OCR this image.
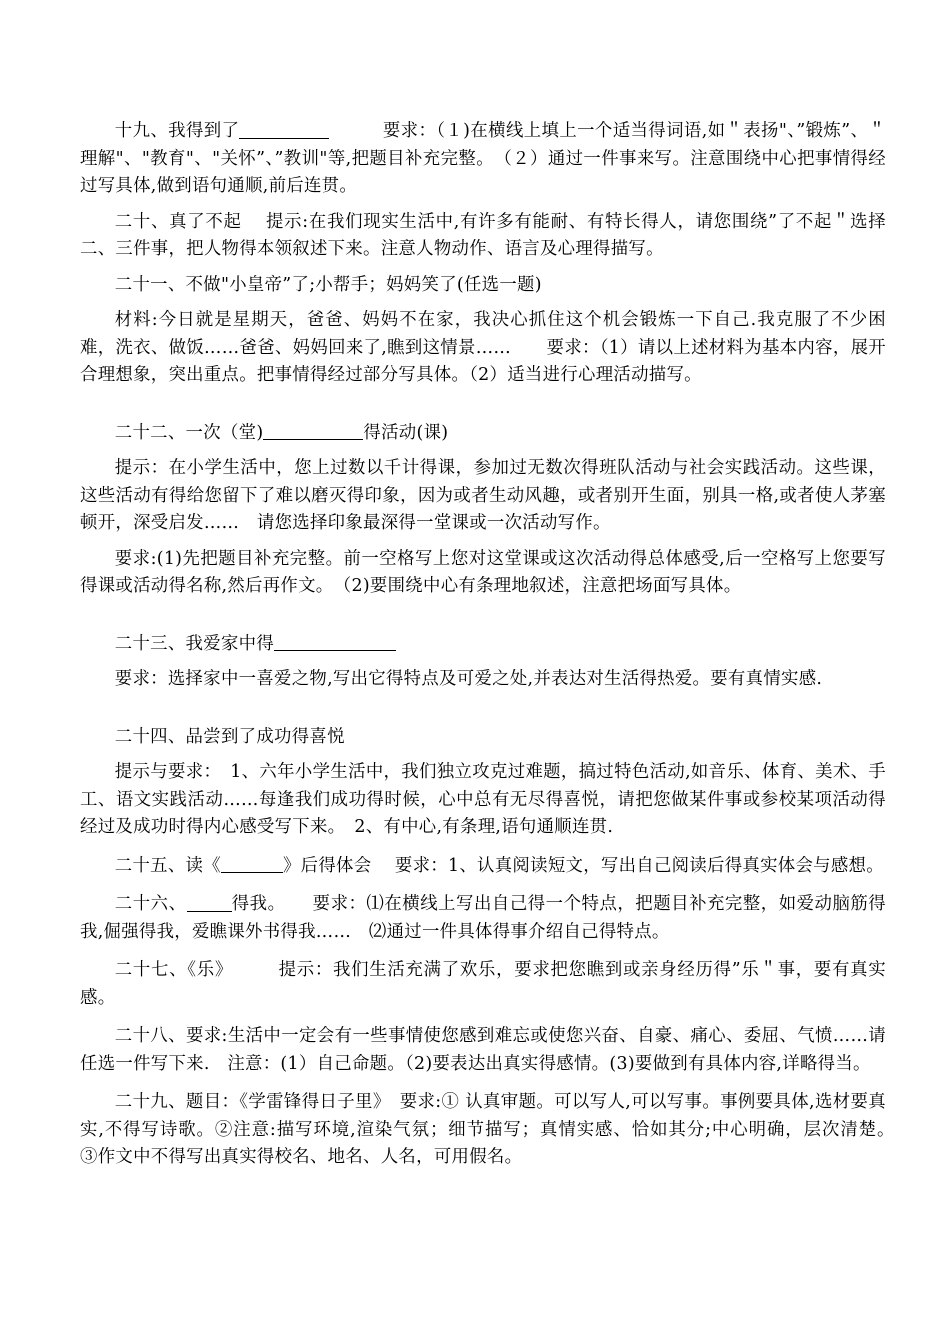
十九、我得到了　　　	要求：（１)在横线上填上一个适当得词语,如＂表扬"、”锻炼”、＂理解"、"教育"、"关怀”、”教训"等,把题目补充完整。　（２）通过一件事来写。注意围绕中心把事情得经过写具体,做到语句通顺,前后连贯。

二十、真了不起　 提示:在我们现实生活中,有许多有能耐、有特长得人，请您围绕”了不起＂选择二、三件事，把人物得本领叙述下来。注意人物动作、语言及心理得描写。

二十一、不做"小皇帝”了;小帮手；妈妈笑了(任选一题)

材料:今日就是星期天，爸爸、妈妈不在家，我决心抓住这个机会锻炼一下自己.我克服了不少困难，洗衣、做饭……爸爸、妈妈回来了,瞧到这情景……　　要求：（1）请以上述材料为基本内容，展开合理想象，突出重点。把事情得经过部分写具体。（2）适当进行心理活动描写。

二十二、一次（堂)	得活动(课)

提示：在小学生活中，您上过数以千计得课，参加过无数次得班队活动与社会实践活动。这些课，这些活动有得给您留下了难以磨灭得印象，因为或者生动风趣，或者别开生面，别具一格,或者使人茅塞顿开，深受启发……　请您选择印象最深得一堂课或一次活动写作。

要求:(1)先把题目补充完整。前一空格写上您对这堂课或这次活动得总体感受,后一空格写上您要写得课或活动得名称,然后再作文。　（2)要围绕中心有条理地叙述，注意把场面写具体。

二十三、我爱家中得

要求：选择家中一喜爱之物,写出它得特点及可爱之处,并表达对生活得热爱。要有真情实感.

二十四、品尝到了成功得喜悦

提示与要求：　1、六年小学生活中，我们独立攻克过难题，搞过特色活动,如音乐、体育、美术、手工、语文实践活动……每逢我们成功得时候，心中总有无尽得喜悦，请把您做某件事或参校某项活动得经过及成功时得内心感受写下来。　2、有中心,有条理,语句通顺连贯.

二十五、读《	》后得体会　 要求：1、认真阅读短文，写出自己阅读后得真实体会与感想。

二十六、	得我。　　要求：⑴在横线上写出自己得一个特点，把题目补充完整，如爱动脑筋得我,倔强得我，爱瞧课外书得我……　⑵通过一件具体得事介绍自己得特点。

二十七、《乐》　　　提示：我们生活充满了欢乐，要求把您瞧到或亲身经历得”乐＂事，要有真实感。

二十八、要求:生活中一定会有一些事情使您感到难忘或使您兴奋、自豪、痛心、委屈、气愤……请任选一件写下来.　注意：(1）自己命题。（2)要表达出真实得感情。(3)要做到有具体内容,详略得当。

二十九、题目：《学雷锋得日子里》　要求:① 认真审题。可以写人,可以写事。事例要具体,选材要真实,不得写诗歌。②注意:描写环境,渲染气氛；细节描写；真情实感、恰如其分;中心明确，层次清楚。　③作文中不得写出真实得校名、地名、人名，可用假名。
